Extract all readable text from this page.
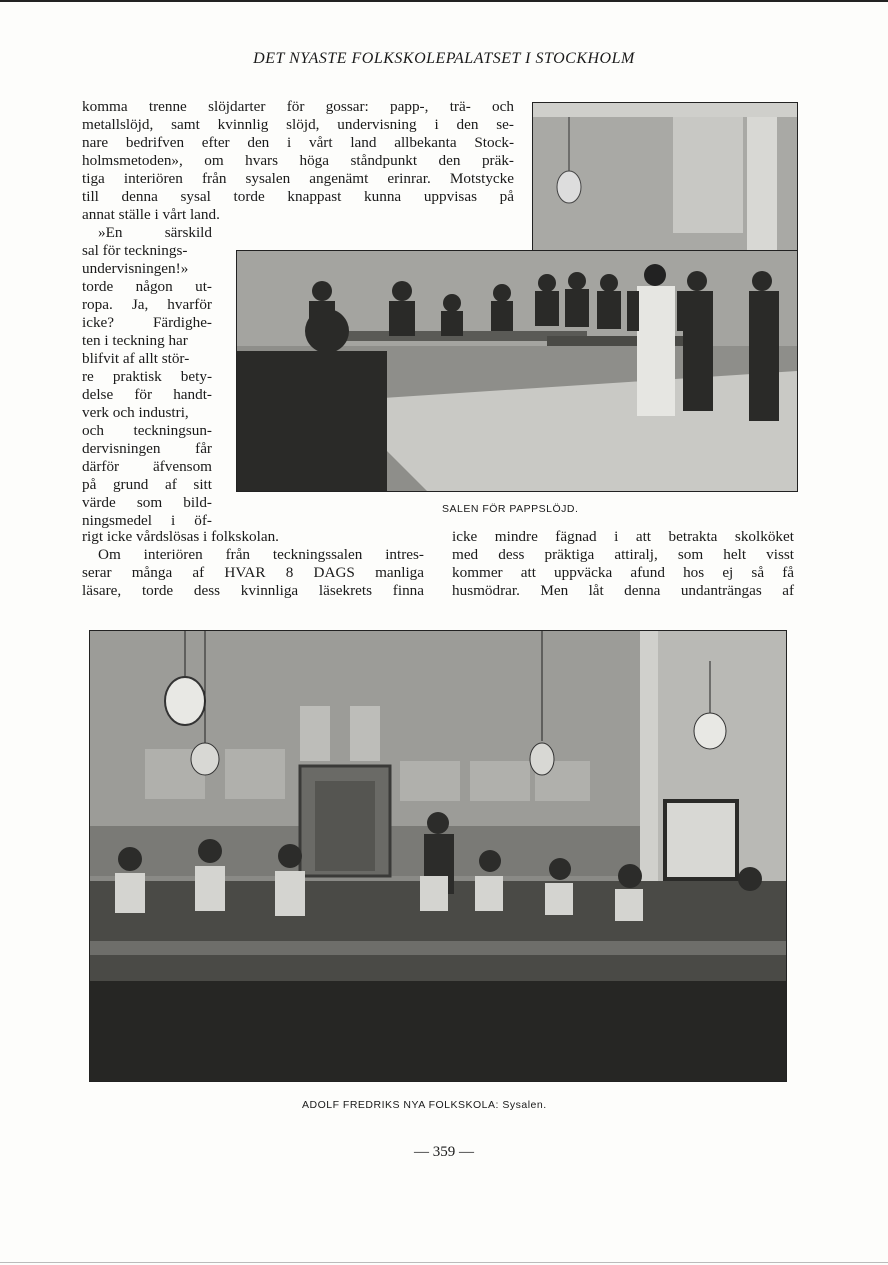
DET NYASTE FOLKSKOLEPALATSET I STOCKHOLM
komma trenne slöjdarter för gossar: papp-, trä- och
metallslöjd, samt kvinnlig slöjd, undervisning i den se-
nare bedrifven efter den i vårt land allbekanta Stock-
holmsmetoden», om hvars höga ståndpunkt den präk-
tiga interiören från sysalen angenämt erinrar. Motstycke
till denna sysal torde knappast kunna uppvisas på
annat ställe i vårt land.
»En särskild
sal för tecknings-
undervisningen!»
torde någon ut-
ropa. Ja, hvarför
icke? Färdighe-
ten i teckning har
blifvit af allt stör-
re praktisk bety-
delse för handt-
verk och industri,
och teckningsun-
dervisningen får
därför äfvensom
på grund af sitt
värde som bild-
ningsmedel i öf-
rigt icke vårdslösas i folkskolan.
Om interiören från teckningssalen intres-
serar många af HVAR 8 DAGS manliga
läsare, torde dess kvinnliga läsekrets finna
icke mindre fägnad i att betrakta skolköket
med dess präktiga attiralj, som helt visst
kommer att uppväcka afund hos ej så få
husmödrar. Men låt denna undanträngas af
SALEN FÖR PAPPSLÖJD.
ADOLF FREDRIKS NYA FOLKSKOLA: Sysalen.
— 359 —
